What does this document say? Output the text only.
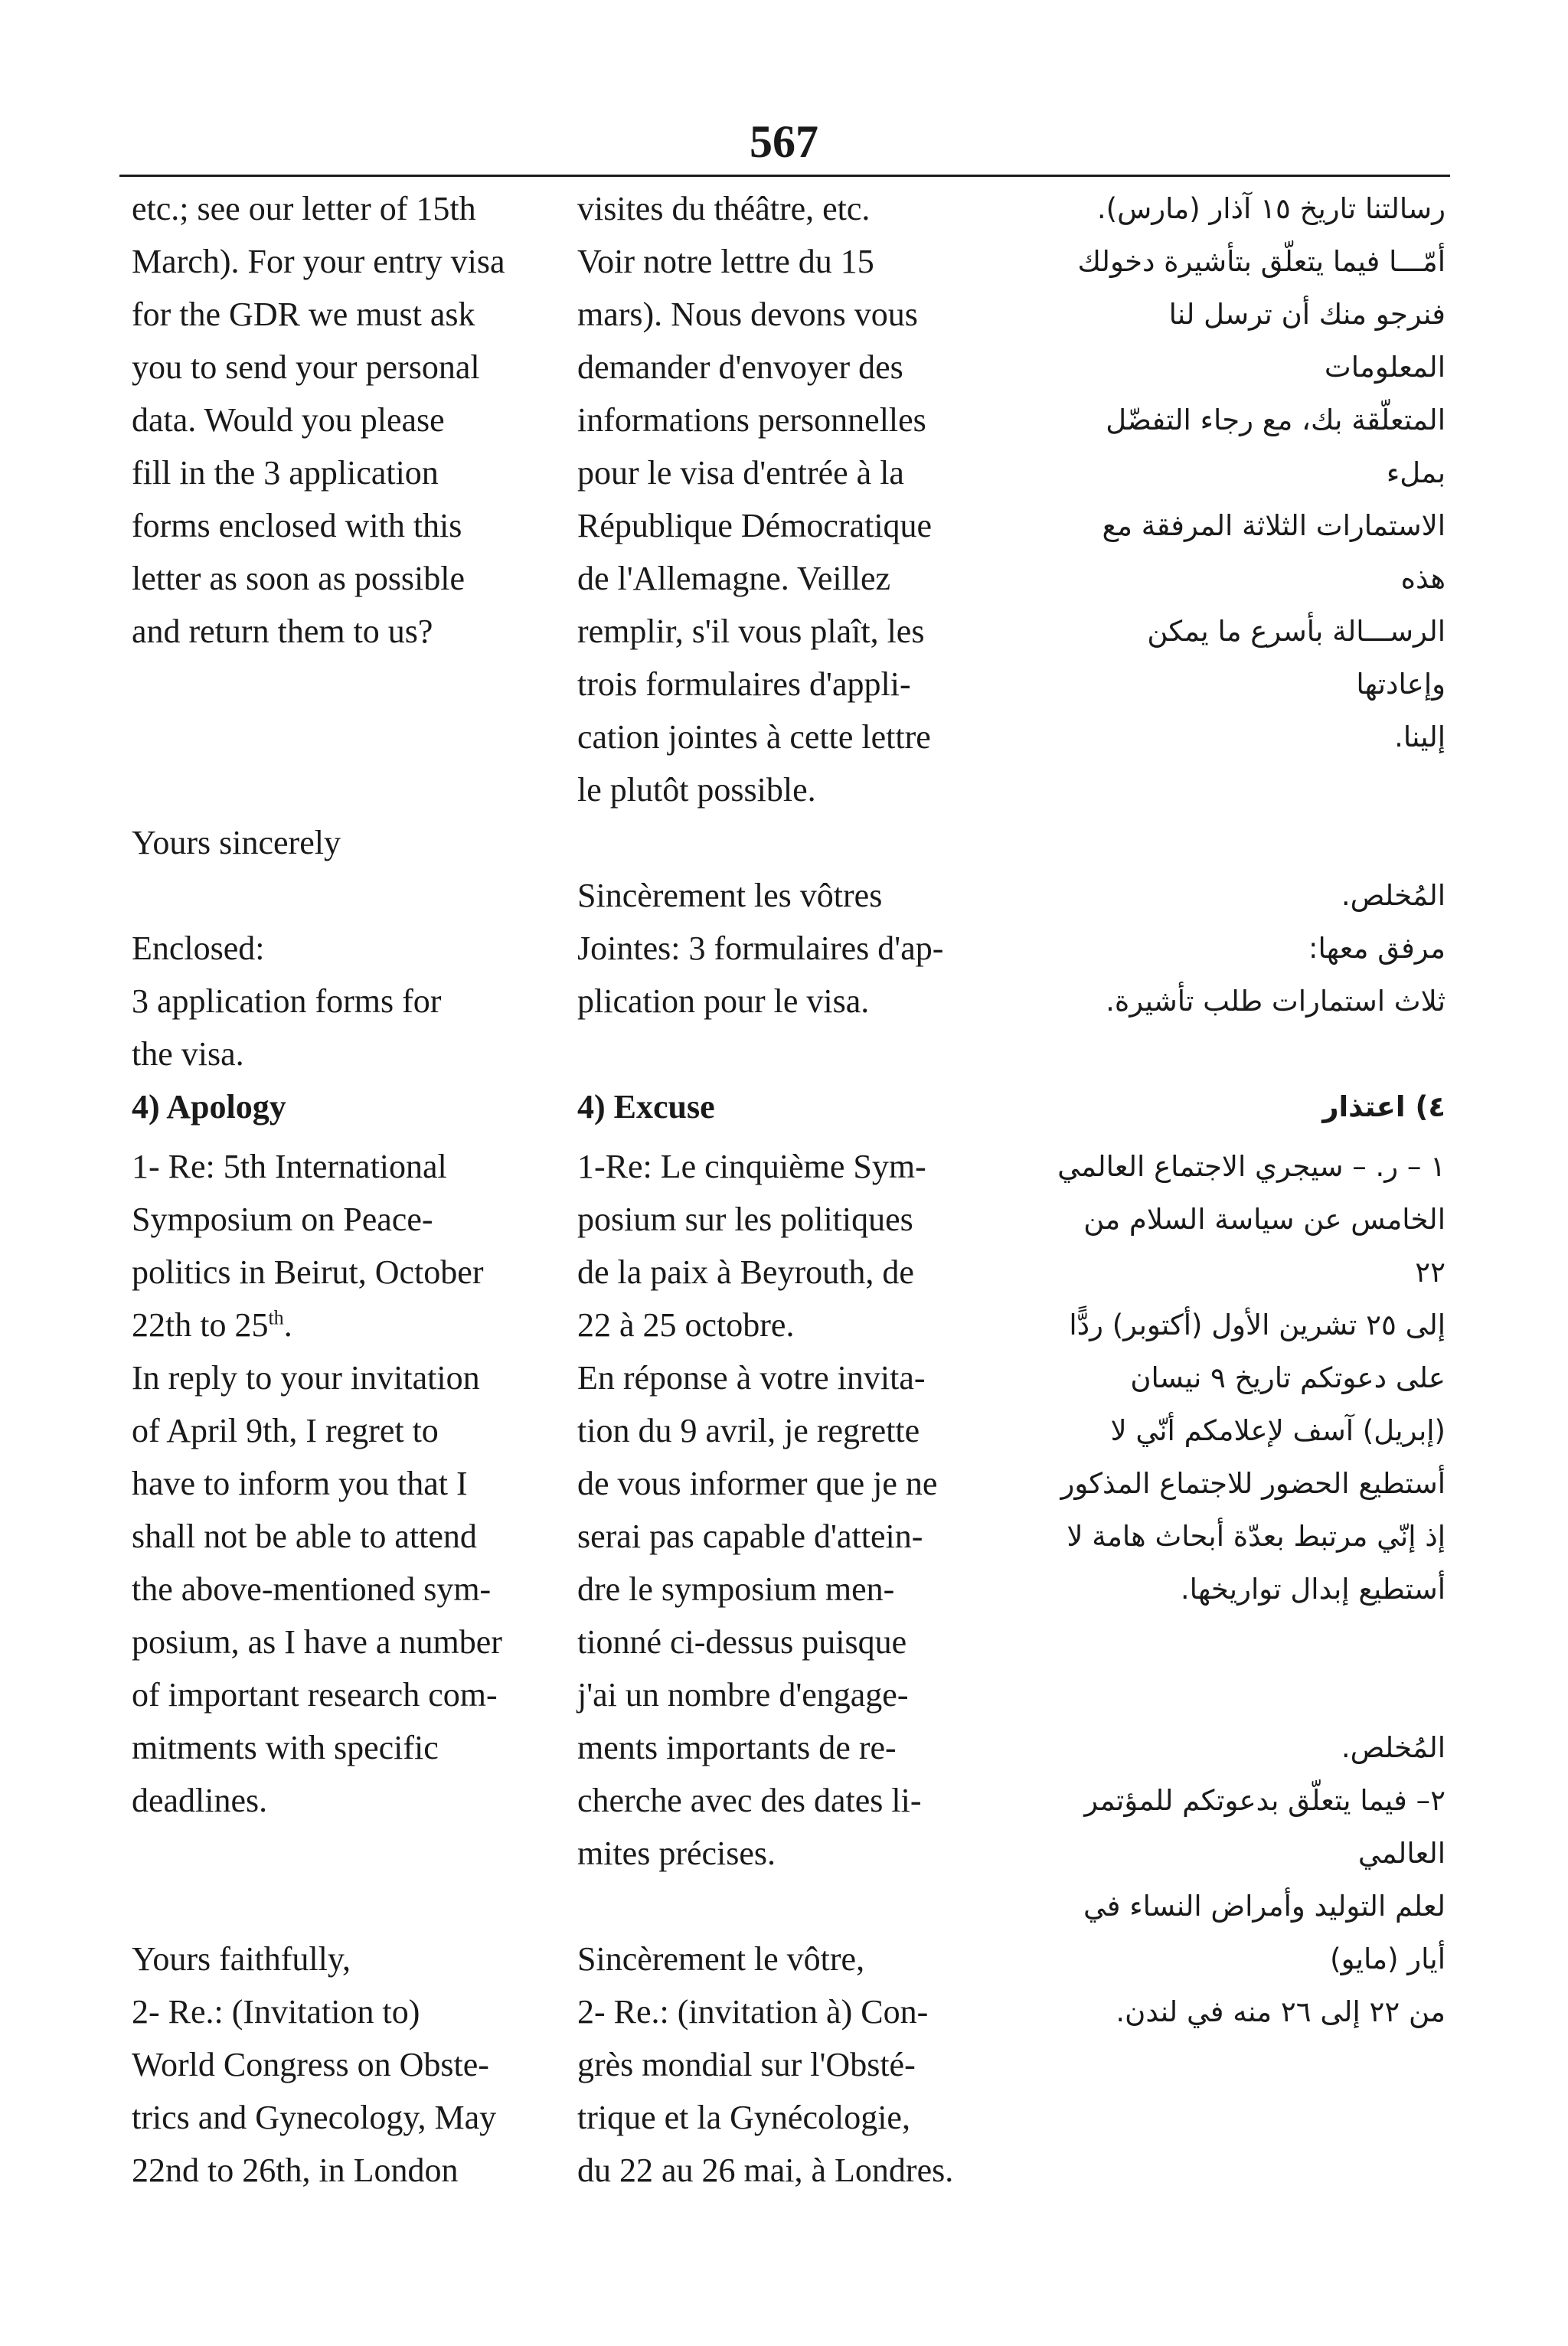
567

etc.; see our letter of 15th

March). For your entry visa

for the GDR we must ask

you to send your personal

data. Would you please

fill in the 3 application

forms enclosed with this

letter as soon as possible

and return them to us?

Yours sincerely

Enclosed:

3 application forms for

the visa.

4) Apology

1- Re: 5th International

Symposium on Peace-

politics in Beirut, October

22th to 25th.

In reply to your invitation

of April 9th, I regret to

have to inform you that I

shall not be able to attend

the above-mentioned sym-

posium, as I have a number

of important research com-

mitments with specific

deadlines.

Yours faithfully,

2- Re.: (Invitation to)

World Congress on Obste-

trics and Gynecology, May

22nd to 26th, in London

visites du théâtre, etc.

Voir notre lettre du 15

mars). Nous devons vous

demander d'envoyer des

informations personnelles

pour le visa d'entrée à la

République Démocratique

de l'Allemagne. Veillez

remplir, s'il vous plaît, les

trois formulaires d'appli-

cation jointes à cette lettre

le plutôt possible.

Sincèrement les vôtres

Jointes: 3 formulaires d'ap-

plication pour le visa.

4) Excuse

1-Re: Le cinquième Sym-

posium sur les politiques

de la paix à Beyrouth, de

22 à 25 octobre.

En réponse à votre invita-

tion du 9 avril, je regrette

de vous informer que je ne

serai pas capable d'attein-

dre le symposium men-

tionné ci-dessus puisque

j'ai un nombre d'engage-

ments importants de re-

cherche avec des dates li-

mites précises.

Sincèrement le vôtre,

2- Re.: (invitation à) Con-

grès mondial sur l'Obsté-

trique et la Gynécologie,

du 22 au 26 mai, à Londres.

رسالتنا تاريخ ١٥ آذار (مارس).

أمّـــا فيما يتعلّق بتأشيرة دخولك

فنرجو منك أن ترسل لنا المعلومات

المتعلّقة بك، مع رجاء التفضّل بملء

الاستمارات الثلاثة المرفقة مع هذه

الرســـالة بأسرع ما يمكن وإعادتها

إلينا.

المُخلص.

مرفق معها:

ثلاث استمارات طلب تأشيرة.

٤) اعتذار

١ – ر. – سيجري الاجتماع العالمي

الخامس عن سياسة السلام من ٢٢

إلى ٢٥ تشرين الأول (أكتوبر) ردًّا

على دعوتكم تاريخ ٩ نيسان

(إبريل) آسف لإعلامكم أنّي لا

أستطيع الحضور للاجتماع المذكور

إذ إنّي مرتبط بعدّة أبحاث هامة لا

أستطيع إبدال تواريخها.

المُخلص.

٢– فيما يتعلّق بدعوتكم للمؤتمر العالمي

لعلم التوليد وأمراض النساء في أيار (مايو)

من ٢٢ إلى ٢٦ منه في لندن.
